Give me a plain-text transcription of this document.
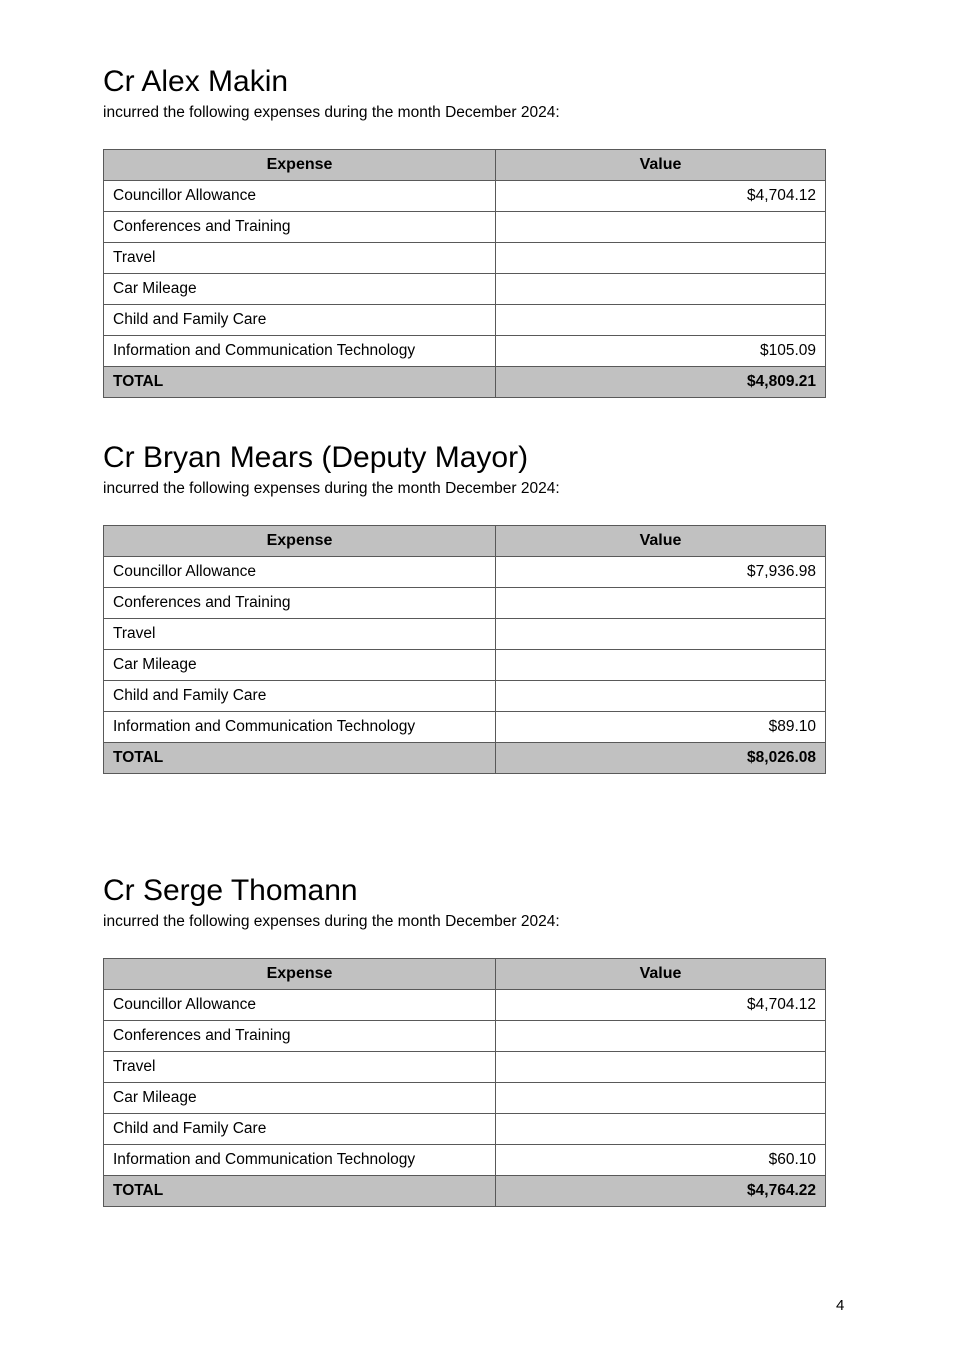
Cr Alex Makin

incurred the following expenses during the month December 2024:

Expense	Value
Councillor Allowance	$4,704.12
Conferences and Training	
Travel	
Car Mileage	
Child and Family Care	
Information and Communication Technology	$105.09
TOTAL	$4,809.21
Cr Bryan Mears (Deputy Mayor)

incurred the following expenses during the month December 2024:

Expense	Value
Councillor Allowance	$7,936.98
Conferences and Training	
Travel	
Car Mileage	
Child and Family Care	
Information and Communication Technology	$89.10
TOTAL	$8,026.08
Cr Serge Thomann

incurred the following expenses during the month December 2024:

Expense	Value
Councillor Allowance	$4,704.12
Conferences and Training	
Travel	
Car Mileage	
Child and Family Care	
Information and Communication Technology	$60.10
TOTAL	$4,764.22
4
